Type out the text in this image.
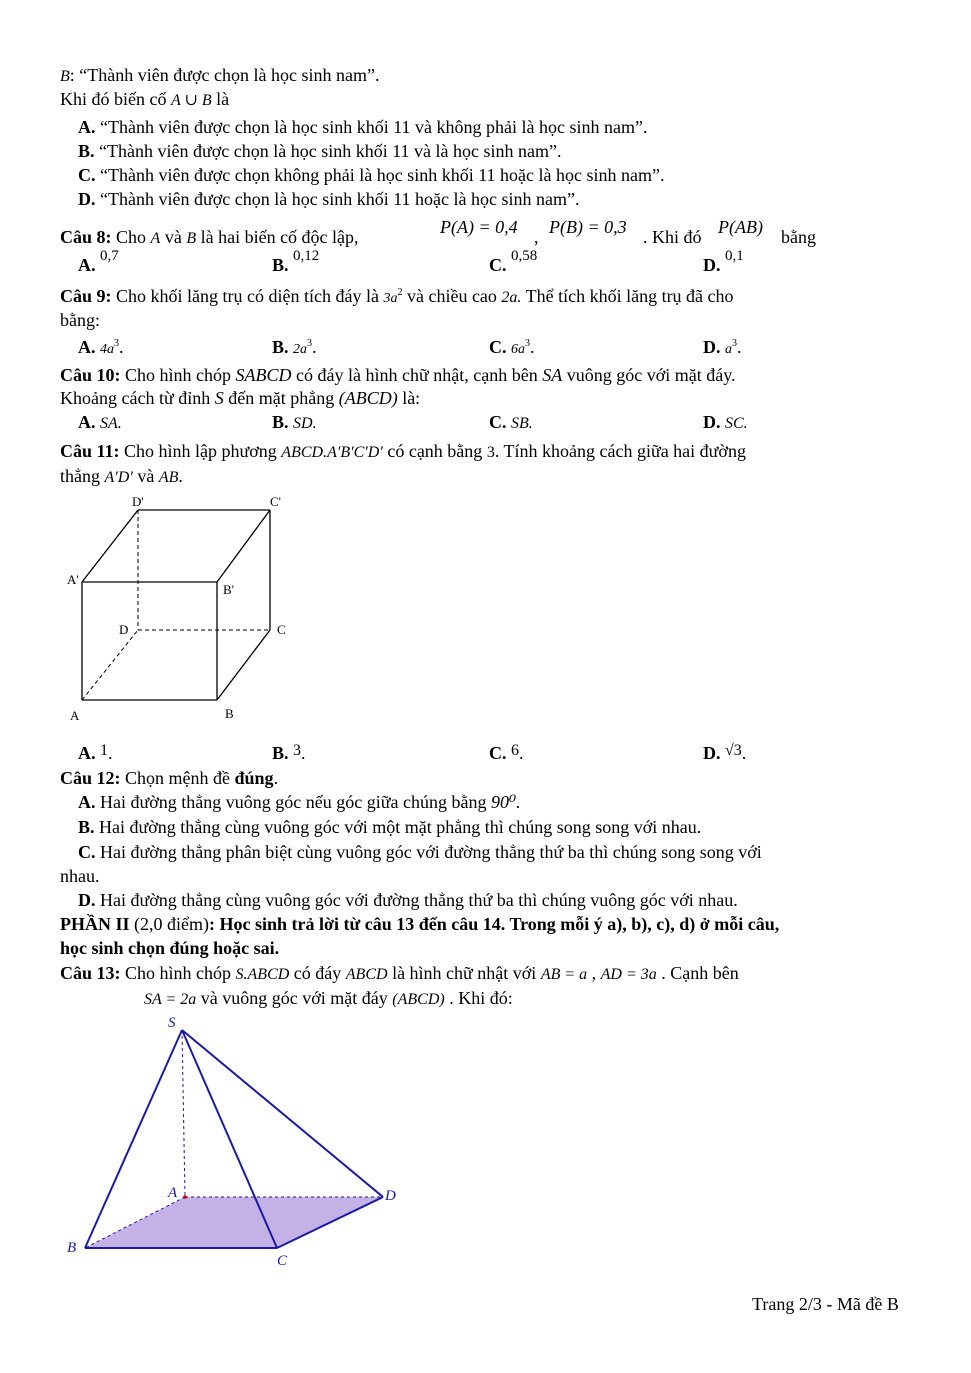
B: “Thành viên được chọn là học sinh nam”.
Khi đó biến cố A ∪ B là
A. “Thành viên được chọn là học sinh khối 11 và không phải là học sinh nam”.
B. “Thành viên được chọn là học sinh khối 11 và là học sinh nam”.
C. “Thành viên được chọn không phải là học sinh khối 11 hoặc là học sinh nam”.
D. “Thành viên được chọn là học sinh khối 11 hoặc là học sinh nam”.
Câu 8: Cho A và B là hai biến cố độc lập,	P(A) = 0,4 , P(B) = 0,3 . Khi đó P(AB) bằng
A. $^{0,7}$	B. $^{0,12}$	C. $^{0,58}$	D. $^{0,1}$
Câu 9: Cho khối lăng trụ có diện tích đáy là $3a^2$ và chiều cao 2a. Thể tích khối lăng trụ đã cho
bằng:
A. $4a^3$.	B. $2a^3$.	C. $6a^3$.	D. $a^3$.
Câu 10: Cho hình chóp SABCD có đáy là hình chữ nhật, cạnh bên SA vuông góc với mặt đáy.
Khoảng cách từ đỉnh S đến mặt phẳng (ABCD) là:
A. SA.	B. SD.	C. SB.	D. SC.
Câu 11: Cho hình lập phương ABCD.A′B′C′D′ có cạnh bằng 3. Tính khoảng cách giữa hai đường
thẳng A′D′ và AB.
D'	C'
A'
B'
D	C
A	B
A. 1.	B. 3.	C. 6.	D. √3.
Câu 12: Chọn mệnh đề đúng.
A. Hai đường thẳng vuông góc nếu góc giữa chúng bằng 90⁰.
B. Hai đường thẳng cùng vuông góc với một mặt phẳng thì chúng song song với nhau.
C. Hai đường thẳng phân biệt cùng vuông góc với đường thẳng thứ ba thì chúng song song với
nhau.
D. Hai đường thẳng cùng vuông góc với đường thẳng thứ ba thì chúng vuông góc với nhau.
PHẦN II (2,0 điểm): Học sinh trả lời từ câu 13 đến câu 14. Trong mỗi ý a), b), c), d) ở mỗi câu,
học sinh chọn đúng hoặc sai.
Câu 13: Cho hình chóp S.ABCD có đáy ABCD là hình chữ nhật với AB = a , AD = 3a . Cạnh bên
SA = 2a và vuông góc với mặt đáy (ABCD) . Khi đó:
S
A
B
C
D
Trang 2/3 - Mã đề B
